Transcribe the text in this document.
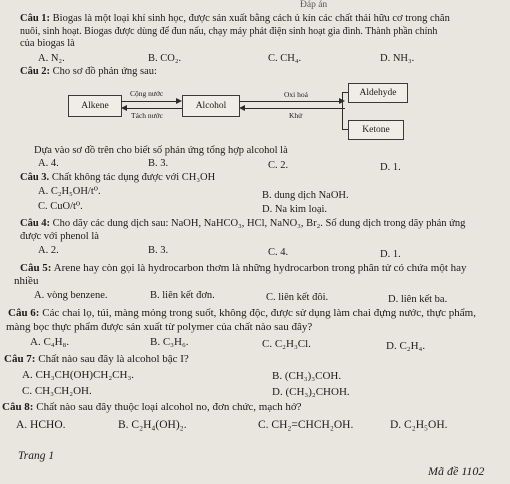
Đáp án
Câu 1: Biogas là một loại khí sinh học, được sản xuất bằng cách ủ kín các chất thải hữu cơ trong chăn
nuôi, sinh hoạt. Biogas được dùng để đun nấu, chạy máy phát điện sinh hoạt gia đình. Thành phần chính
của biogas là
A. N₂.	B. CO₂.	C. CH₄.	D. NH₃.
Câu 2: Cho sơ đồ phản ứng sau:
Alkene	Alcohol
Aldehyde
Ketone
Cộng nước
Tách nước
Oxi hoá
Khử
Dựa vào sơ đồ trên cho biết số phản ứng tổng hợp alcohol là
A. 4.	B. 3.	C. 2.	D. 1.
Câu 3. Chất không tác dụng được với CH₃OH
A. C₂H₅OH/t⁰.	B. dung dịch NaOH.
C. CuO/t⁰.	D. Na kim loại.
Câu 4: Cho dãy các dung dịch sau: NaOH, NaHCO₃, HCl, NaNO₃, Br₂. Số dung dịch trong dãy phản ứng
được với phenol là
A. 2.	B. 3.	C. 4.	D. 1.
Câu 5: Arene hay còn gọi là hydrocarbon thơm là những hydrocarbon trong phân tử có chứa một hay
nhiều
A. vòng benzene.	B. liên kết đơn.	C. liên kết đôi.	D. liên kết ba.
Câu 6: Các chai lọ, túi, màng mỏng trong suốt, không độc, được sử dụng làm chai đựng nước, thực phẩm,
màng bọc thực phẩm được sản xuất từ polymer của chất nào sau đây?
A. C₄H₈.	B. C₃H₆.	C. C₂H₃Cl.	D. C₂H₄.
Câu 7: Chất nào sau đây là alcohol bậc I?
A. CH₃CH(OH)CH₂CH₃.	B. (CH₃)₃COH.
C. CH₃CH₂OH.	D. (CH₃)₂CHOH.
Câu 8: Chất nào sau đây thuộc loại alcohol no, đơn chức, mạch hở?
A. HCHO.	B. C₂H₄(OH)₂.	C. CH₂=CHCH₂OH.	D. C₂H₅OH.
Trang 1
Mã đề 1102
